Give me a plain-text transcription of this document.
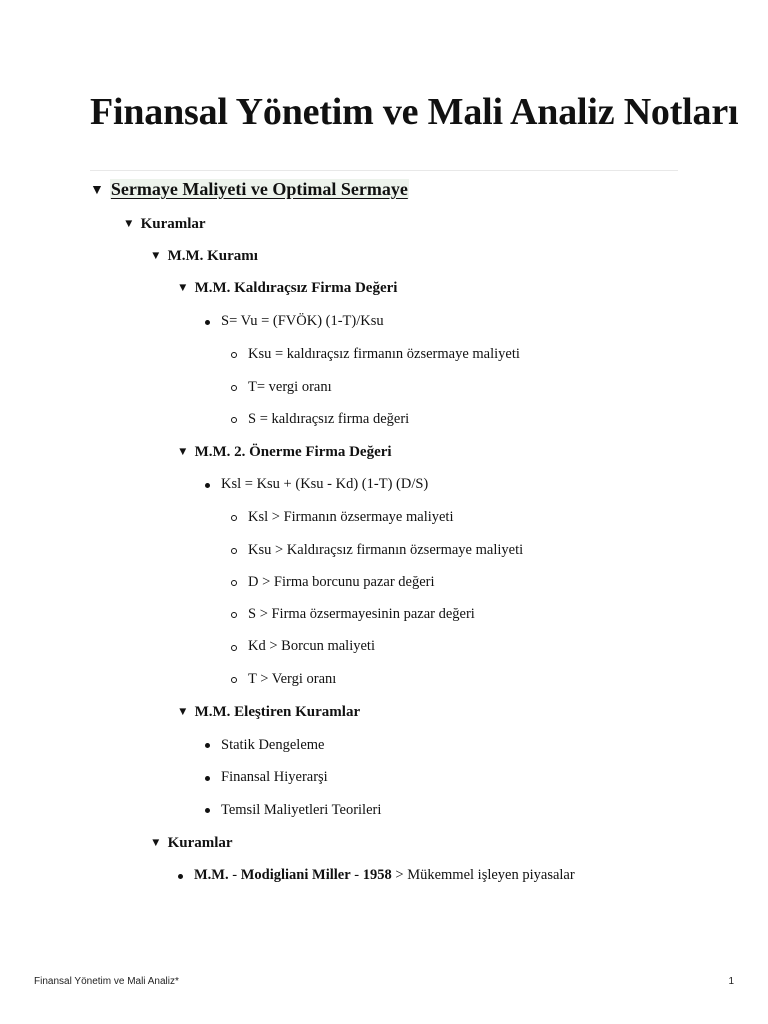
Finansal Yönetim ve Mali Analiz Notları
▼ Sermaye Maliyeti ve Optimal Sermaye
▼ Kuramlar
▼ M.M. Kuramı
▼ M.M. Kaldıraçsız Firma Değeri
S= Vu = (FVÖK) (1-T)/Ksu
Ksu = kaldıraçsız firmanın özsermaye maliyeti
T= vergi oranı
S = kaldıraçsız firma değeri
▼ M.M. 2. Önerme Firma Değeri
Ksl = Ksu + (Ksu - Kd) (1-T) (D/S)
Ksl > Firmanın özsermaye maliyeti
Ksu > Kaldıraçsız firmanın özsermaye maliyeti
D > Firma borcunu pazar değeri
S > Firma özsermayesinin pazar değeri
Kd > Borcun maliyeti
T > Vergi oranı
▼ M.M. Eleştiren Kuramlar
Statik Dengeleme
Finansal Hiyerarşi
Temsil Maliyetleri Teorileri
▼ Kuramlar
M.M. - Modigliani Miller - 1958 > Mükemmel işleyen piyasalar
Finansal Yönetim ve Mali Analiz*	1
